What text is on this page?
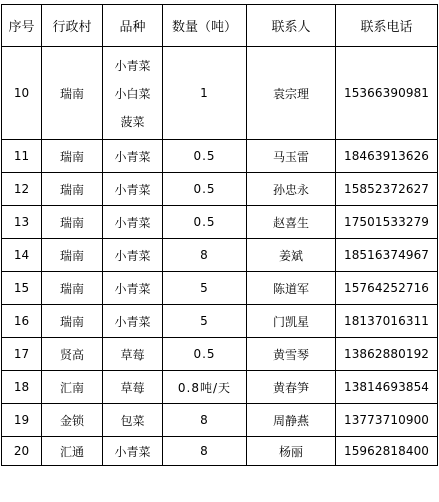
序号	行政村	品种	数量（吨）	联系人	联系电话
10	瑞南	小青菜
小白菜
菠菜	1	袁宗理	15366390981
11	瑞南	小青菜	0.5	马玉雷	18463913626
12	瑞南	小青菜	0.5	孙忠永	15852372627
13	瑞南	小青菜	0.5	赵喜生	17501533279
14	瑞南	小青菜	8	姜斌	18516374967
15	瑞南	小青菜	5	陈道军	15764252716
16	瑞南	小青菜	5	门凯星	18137016311
17	贤高	草莓	0.5	黄雪琴	13862880192
18	汇南	草莓	0.8吨/天	黄春笋	13814693854
19	金锁	包菜	8	周静燕	13773710900
20	汇通	小青菜	8	杨丽	15962818400
